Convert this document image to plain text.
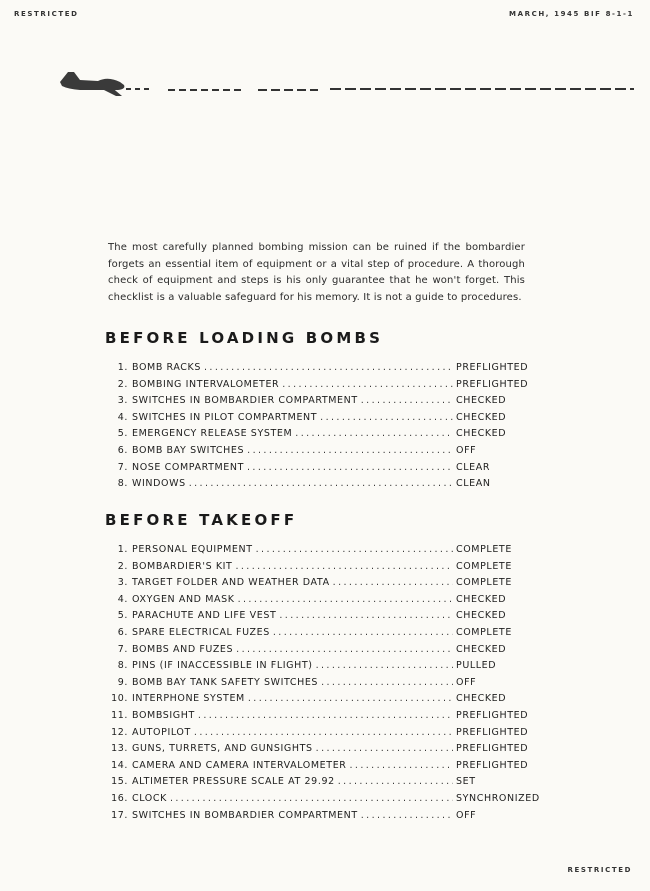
RESTRICTED	MARCH, 1945 BIF 8-1-1
The most carefully planned bombing mission can be ruined if the bombardier forgets an essential item of equipment or a vital step of procedure. A thorough check of equipment and steps is his only guarantee that he won't forget. This checklist is a valuable safeguard for his memory. It is not a guide to procedures.
BEFORE LOADING BOMBS
1. BOMB RACKS .....	PREFLIGHTED
2. BOMBING INTERVALOMETER .....	PREFLIGHTED
3. SWITCHES IN BOMBARDIER COMPARTMENT .....	CHECKED
4. SWITCHES IN PILOT COMPARTMENT .....	CHECKED
5. EMERGENCY RELEASE SYSTEM .....	CHECKED
6. BOMB BAY SWITCHES .....	OFF
7. NOSE COMPARTMENT .....	CLEAR
8. WINDOWS .....	CLEAN
BEFORE TAKEOFF
1. PERSONAL EQUIPMENT .....	COMPLETE
2. BOMBARDIER'S KIT .....	COMPLETE
3. TARGET FOLDER AND WEATHER DATA .....	COMPLETE
4. OXYGEN AND MASK .....	CHECKED
5. PARACHUTE AND LIFE VEST .....	CHECKED
6. SPARE ELECTRICAL FUZES .....	COMPLETE
7. BOMBS AND FUZES .....	CHECKED
8. PINS (IF INACCESSIBLE IN FLIGHT) .....	PULLED
9. BOMB BAY TANK SAFETY SWITCHES .....	OFF
10. INTERPHONE SYSTEM .....	CHECKED
11. BOMBSIGHT .....	PREFLIGHTED
12. AUTOPILOT .....	PREFLIGHTED
13. GUNS, TURRETS, AND GUNSIGHTS .....	PREFLIGHTED
14. CAMERA AND CAMERA INTERVALOMETER .....	PREFLIGHTED
15. ALTIMETER PRESSURE SCALE AT 29.92 .....	SET
16. CLOCK .....	SYNCHRONIZED
17. SWITCHES IN BOMBARDIER COMPARTMENT .....	OFF
RESTRICTED
